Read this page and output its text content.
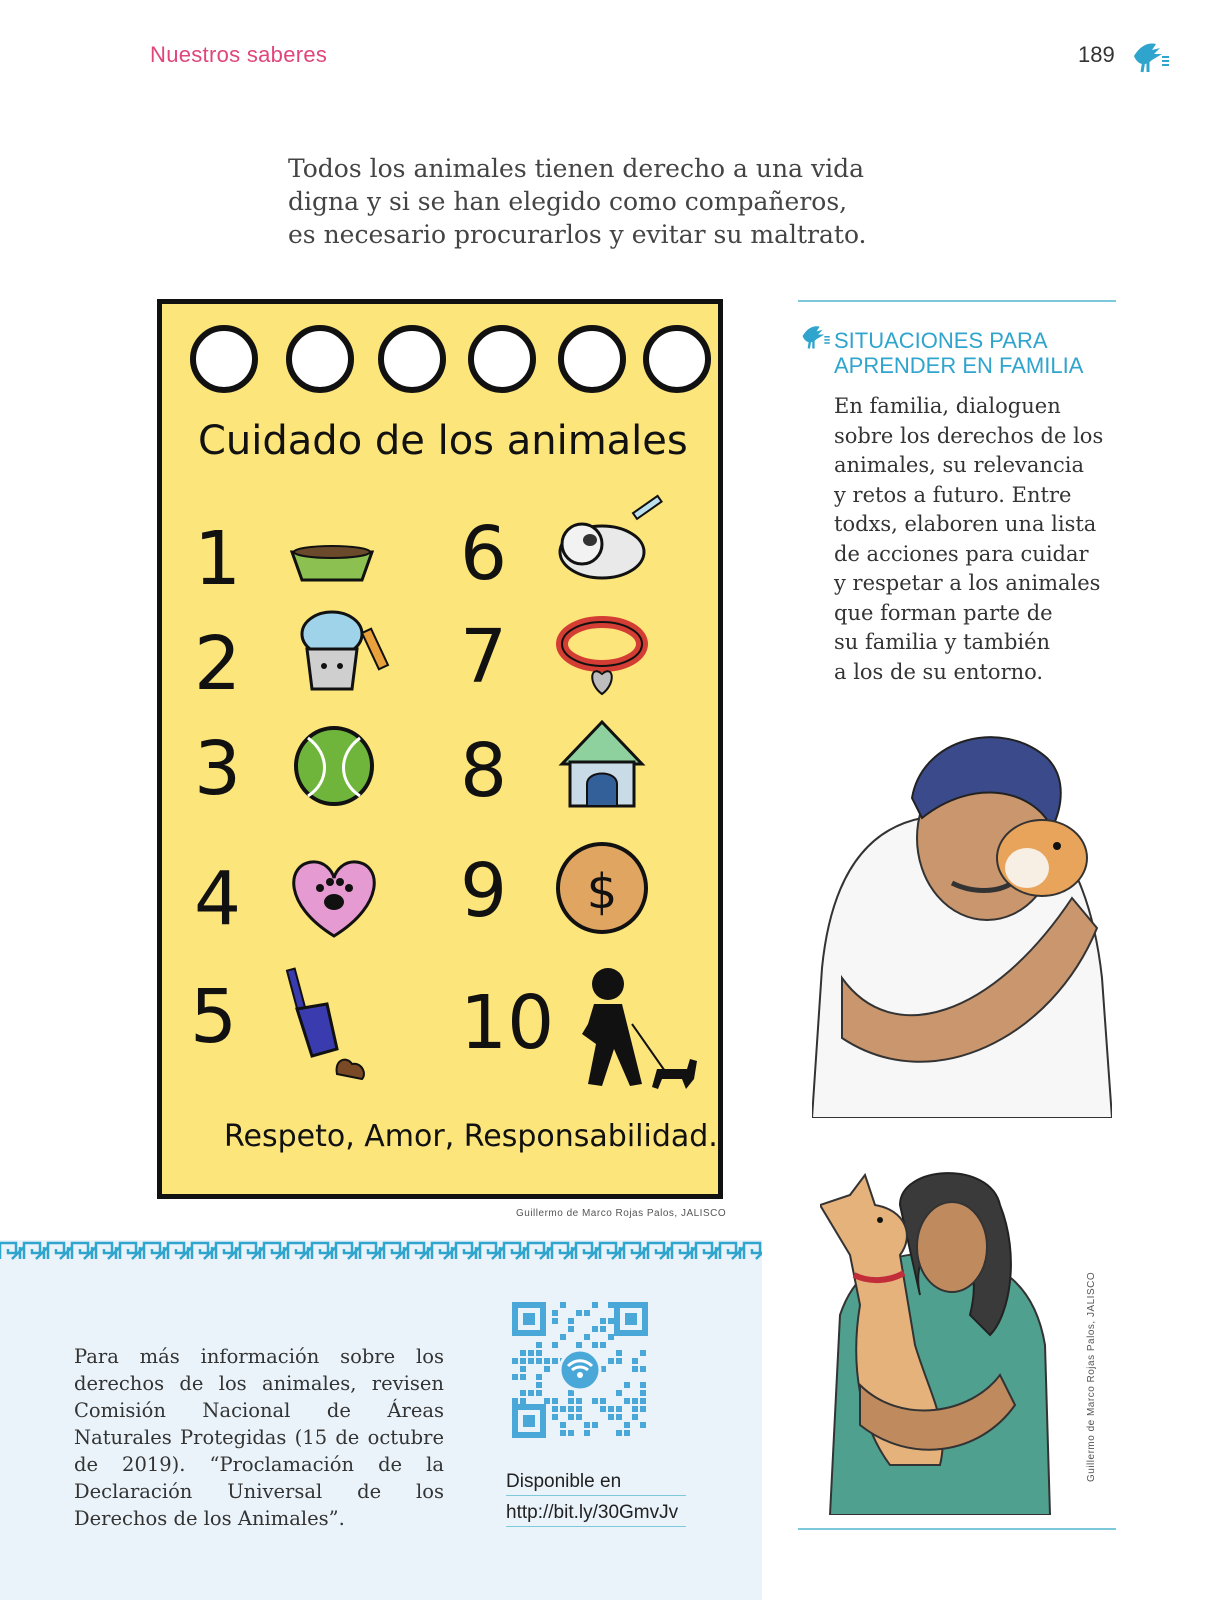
Nuestros saberes	189
Todos los animales tienen derecho a una vida
digna y si se han elegido como compañeros,
es necesario procurarlos y evitar su maltrato.
Cuidado de los animales
1
2
3
4
5
6
7
8
9
10
$
Respeto, Amor, Responsabilidad.
Guillermo de Marco Rojas Palos, JALISCO
SITUACIONES PARA
APRENDER EN FAMILIA
En familia, dialoguen
sobre los derechos de los
animales, su relevancia
y retos a futuro. Entre
todxs, elaboren una lista
de acciones para cuidar
y respetar a los animales
que forman parte de
su familia y también
a los de su entorno.
Guillermo de Marco Rojas Palos, JALISCO
Para más información sobre los derechos de los animales, revisen Comisión Nacional de Áreas Naturales Protegidas (15 de octubre de 2019). “Proclamación de la Declaración Universal de los Derechos de los Animales”.
Disponible en
http://bit.ly/30GmvJv
